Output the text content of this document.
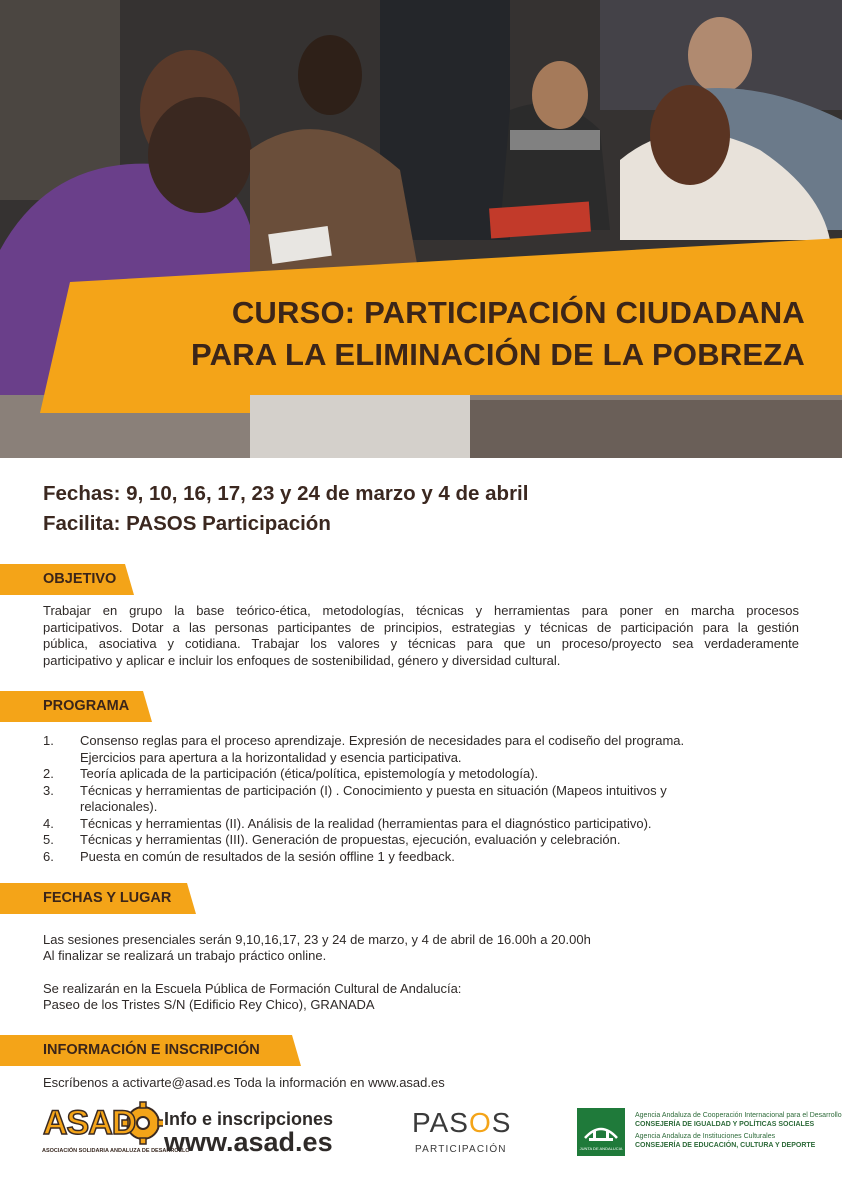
CURSO: PARTICIPACIÓN CIUDADANA
PARA LA ELIMINACIÓN DE LA POBREZA
Fechas: 9, 10, 16, 17, 23 y 24 de marzo y 4 de abril
Facilita: PASOS Participación
OBJETIVO
Trabajar en grupo la base teórico-ética, metodologías, técnicas y herramientas para poner en marcha procesos
participativos. Dotar a las personas participantes de principios, estrategias y técnicas de participación para la gestión
pública, asociativa y cotidiana. Trabajar los valores y técnicas para que un proceso/proyecto sea verdaderamente
participativo y aplicar e incluir los enfoques de sostenibilidad, género y diversidad cultural.
PROGRAMA
1. Consenso reglas para el proceso aprendizaje. Expresión de necesidades para el codiseño del programa.
Ejercicios para apertura a la horizontalidad y esencia participativa.
2. Teoría aplicada de la participación (ética/política, epistemología y metodología).
3. Técnicas y herramientas de participación (I) . Conocimiento y puesta en situación (Mapeos intuitivos y
relacionales).
4. Técnicas y herramientas (II). Análisis de la realidad (herramientas para el diagnóstico participativo).
5. Técnicas y herramientas (III). Generación de propuestas, ejecución, evaluación y celebración.
6. Puesta en común de resultados de la sesión offline 1 y feedback.
FECHAS Y LUGAR
Las sesiones presenciales serán 9,10,16,17, 23 y 24 de marzo, y 4 de abril de 16.00h a 20.00h
Al finalizar se realizará un trabajo práctico online.
Se realizarán en la Escuela Pública de Formación Cultural de Andalucía:
Paseo de los Tristes S/N (Edificio Rey Chico), GRANADA
INFORMACIÓN E INSCRIPCIÓN
Escríbenos a activarte@asad.es Toda la información en www.asad.es
ASAD
ASOCIACIÓN SOLIDARIA ANDALUZA DE DESARROLLO
Info e inscripciones
www.asad.es
PASOS
PARTICIPACIÓN	JUNTA DE ANDALUCIA
Agencia Andaluza de Cooperación Internacional para el Desarrollo
CONSEJERÍA DE IGUALDAD Y POLÍTICAS SOCIALES
Agencia Andaluza de Instituciones Culturales
CONSEJERÍA DE EDUCACIÓN, CULTURA Y DEPORTE
